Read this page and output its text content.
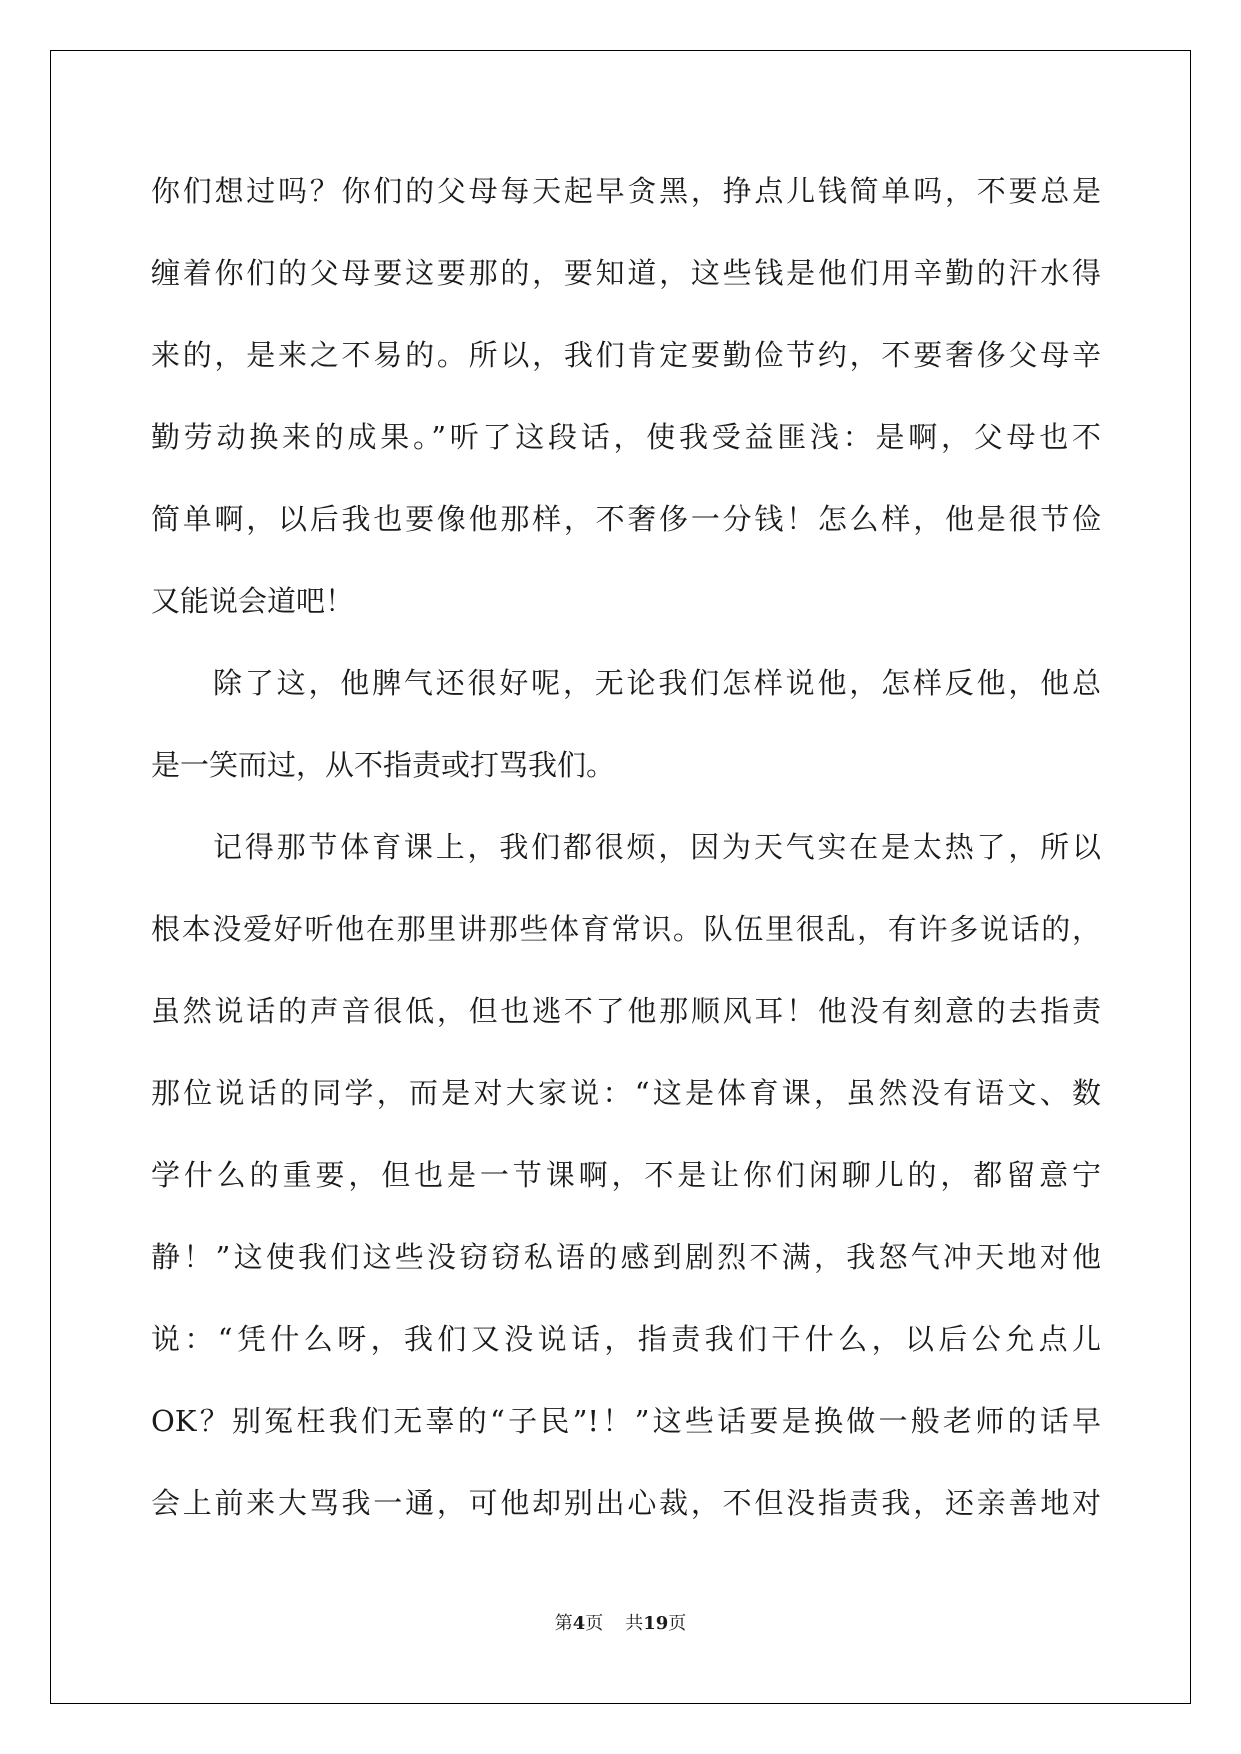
你们想过吗？你们的父母每天起早贪黑，挣点儿钱简单吗，不要总是
缠着你们的父母要这要那的，要知道，这些钱是他们用辛勤的汗水得
来的，是来之不易的。所以，我们肯定要勤俭节约，不要奢侈父母辛
勤劳动换来的成果。”听了这段话，使我受益匪浅：是啊，父母也不
简单啊，以后我也要像他那样，不奢侈一分钱！怎么样，他是很节俭
又能说会道吧！
除了这，他脾气还很好呢，无论我们怎样说他，怎样反他，他总
是一笑而过，从不指责或打骂我们。
记得那节体育课上，我们都很烦，因为天气实在是太热了，所以
根本没爱好听他在那里讲那些体育常识。队伍里很乱，有许多说话的，
虽然说话的声音很低，但也逃不了他那顺风耳！他没有刻意的去指责
那位说话的同学，而是对大家说：“这是体育课，虽然没有语文、数
学什么的重要，但也是一节课啊，不是让你们闲聊儿的，都留意宁
静！”这使我们这些没窃窃私语的感到剧烈不满，我怒气冲天地对他
说：“凭什么呀，我们又没说话，指责我们干什么，以后公允点儿
OK？别冤枉我们无辜的“子民”!！”这些话要是换做一般老师的话早
会上前来大骂我一通，可他却别出心裁，不但没指责我，还亲善地对
第4页 共19页
